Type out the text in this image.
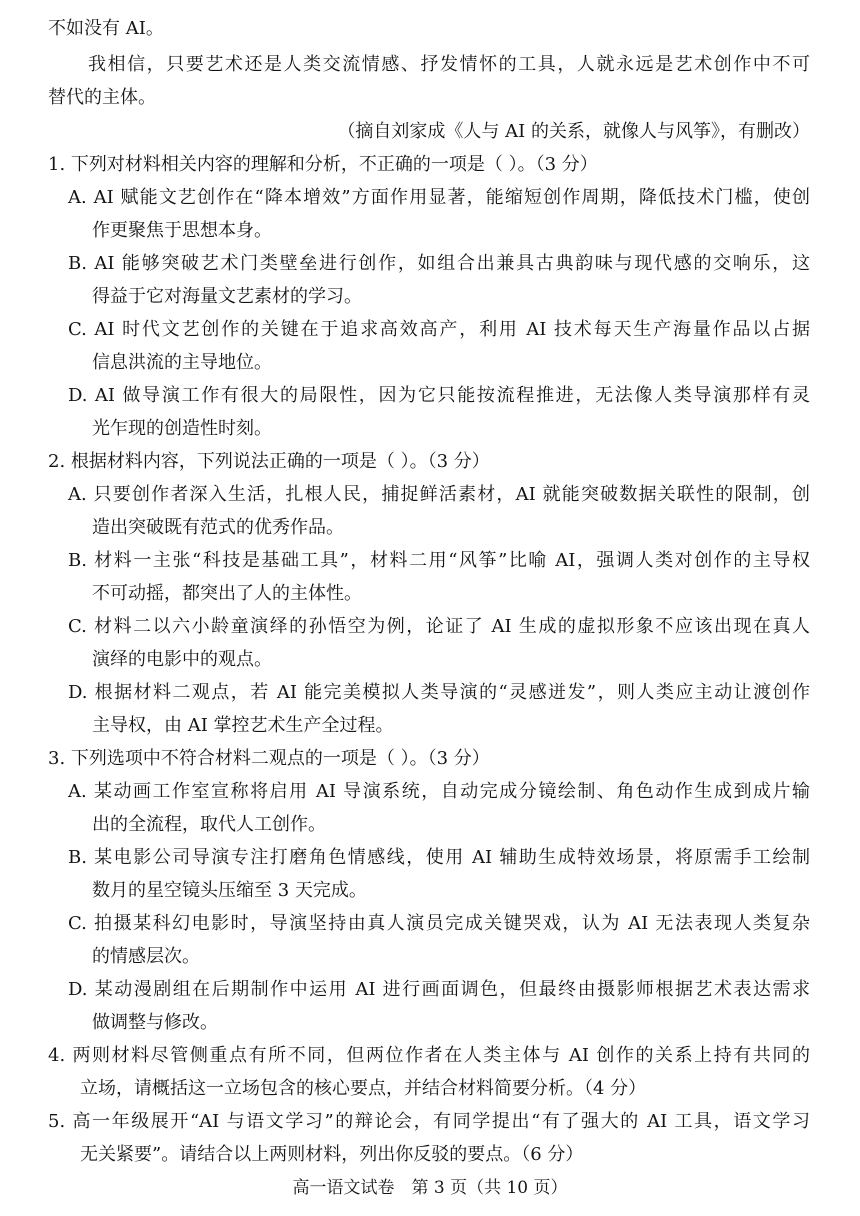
不如没有 AI。
我相信，只要艺术还是人类交流情感、抒发情怀的工具，人就永远是艺术创作中不可
替代的主体。
（摘自刘家成《人与 AI 的关系，就像人与风筝》，有删改）
1. 下列对材料相关内容的理解和分析，不正确的一项是（ ）。（3 分）
A. AI 赋能文艺创作在“降本增效”方面作用显著，能缩短创作周期，降低技术门槛，使创
作更聚焦于思想本身。
B. AI 能够突破艺术门类壁垒进行创作，如组合出兼具古典韵味与现代感的交响乐，这
得益于它对海量文艺素材的学习。
C. AI 时代文艺创作的关键在于追求高效高产，利用 AI 技术每天生产海量作品以占据
信息洪流的主导地位。
D. AI 做导演工作有很大的局限性，因为它只能按流程推进，无法像人类导演那样有灵
光乍现的创造性时刻。
2. 根据材料内容，下列说法正确的一项是（ ）。（3 分）
A. 只要创作者深入生活，扎根人民，捕捉鲜活素材，AI 就能突破数据关联性的限制，创
造出突破既有范式的优秀作品。
B. 材料一主张“科技是基础工具”，材料二用“风筝”比喻 AI，强调人类对创作的主导权
不可动摇，都突出了人的主体性。
C. 材料二以六小龄童演绎的孙悟空为例，论证了 AI 生成的虚拟形象不应该出现在真人
演绎的电影中的观点。
D. 根据材料二观点，若 AI 能完美模拟人类导演的“灵感迸发”，则人类应主动让渡创作
主导权，由 AI 掌控艺术生产全过程。
3. 下列选项中不符合材料二观点的一项是（ ）。（3 分）
A. 某动画工作室宣称将启用 AI 导演系统，自动完成分镜绘制、角色动作生成到成片输
出的全流程，取代人工创作。
B. 某电影公司导演专注打磨角色情感线，使用 AI 辅助生成特效场景，将原需手工绘制
数月的星空镜头压缩至 3 天完成。
C. 拍摄某科幻电影时，导演坚持由真人演员完成关键哭戏，认为 AI 无法表现人类复杂
的情感层次。
D. 某动漫剧组在后期制作中运用 AI 进行画面调色，但最终由摄影师根据艺术表达需求
做调整与修改。
4. 两则材料尽管侧重点有所不同，但两位作者在人类主体与 AI 创作的关系上持有共同的
立场，请概括这一立场包含的核心要点，并结合材料简要分析。（4 分）
5. 高一年级展开“AI 与语文学习”的辩论会，有同学提出“有了强大的 AI 工具，语文学习
无关紧要”。请结合以上两则材料，列出你反驳的要点。（6 分）
高一语文试卷　第 3 页（共 10 页）
